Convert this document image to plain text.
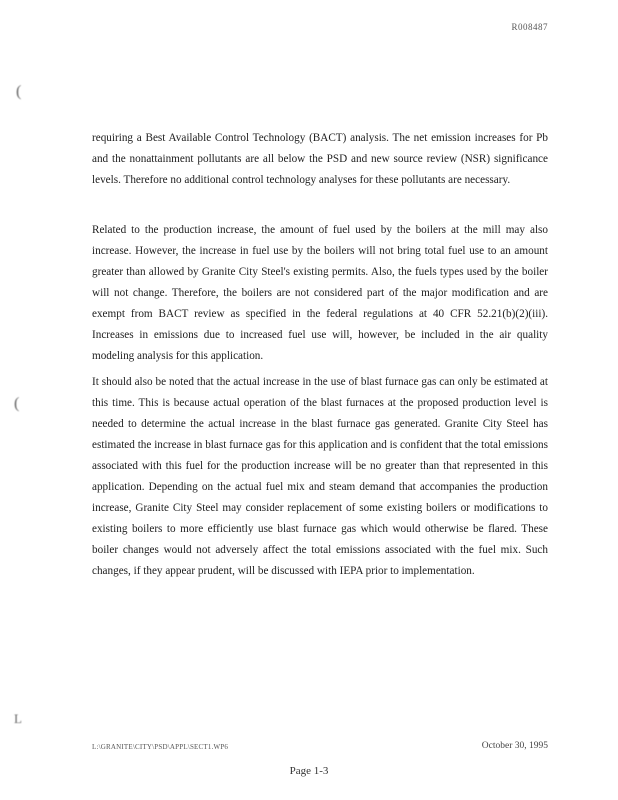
R008487
(
(
L

requiring a Best Available Control Technology (BACT) analysis. The net emission increases for Pb and the nonattainment pollutants are all below the PSD and new source review (NSR) significance levels. Therefore no additional control technology analyses for these pollutants are necessary.

Related to the production increase, the amount of fuel used by the boilers at the mill may also increase. However, the increase in fuel use by the boilers will not bring total fuel use to an amount greater than allowed by Granite City Steel's existing permits. Also, the fuels types used by the boiler will not change. Therefore, the boilers are not considered part of the major modification and are exempt from BACT review as specified in the federal regulations at 40 CFR 52.21(b)(2)(iii). Increases in emissions due to increased fuel use will, however, be included in the air quality modeling analysis for this application.

It should also be noted that the actual increase in the use of blast furnace gas can only be estimated at this time. This is because actual operation of the blast furnaces at the proposed production level is needed to determine the actual increase in the blast furnace gas generated. Granite City Steel has estimated the increase in blast furnace gas for this application and is confident that the total emissions associated with this fuel for the production increase will be no greater than that represented in this application. Depending on the actual fuel mix and steam demand that accompanies the production increase, Granite City Steel may consider replacement of some existing boilers or modifications to existing boilers to more efficiently use blast furnace gas which would otherwise be flared. These boiler changes would not adversely affect the total emissions associated with the fuel mix. Such changes, if they appear prudent, will be discussed with IEPA prior to implementation.

L:\GRANITE\CITY\PSD\APPL\SECT1.WP6	October 30, 1995
Page 1-3
